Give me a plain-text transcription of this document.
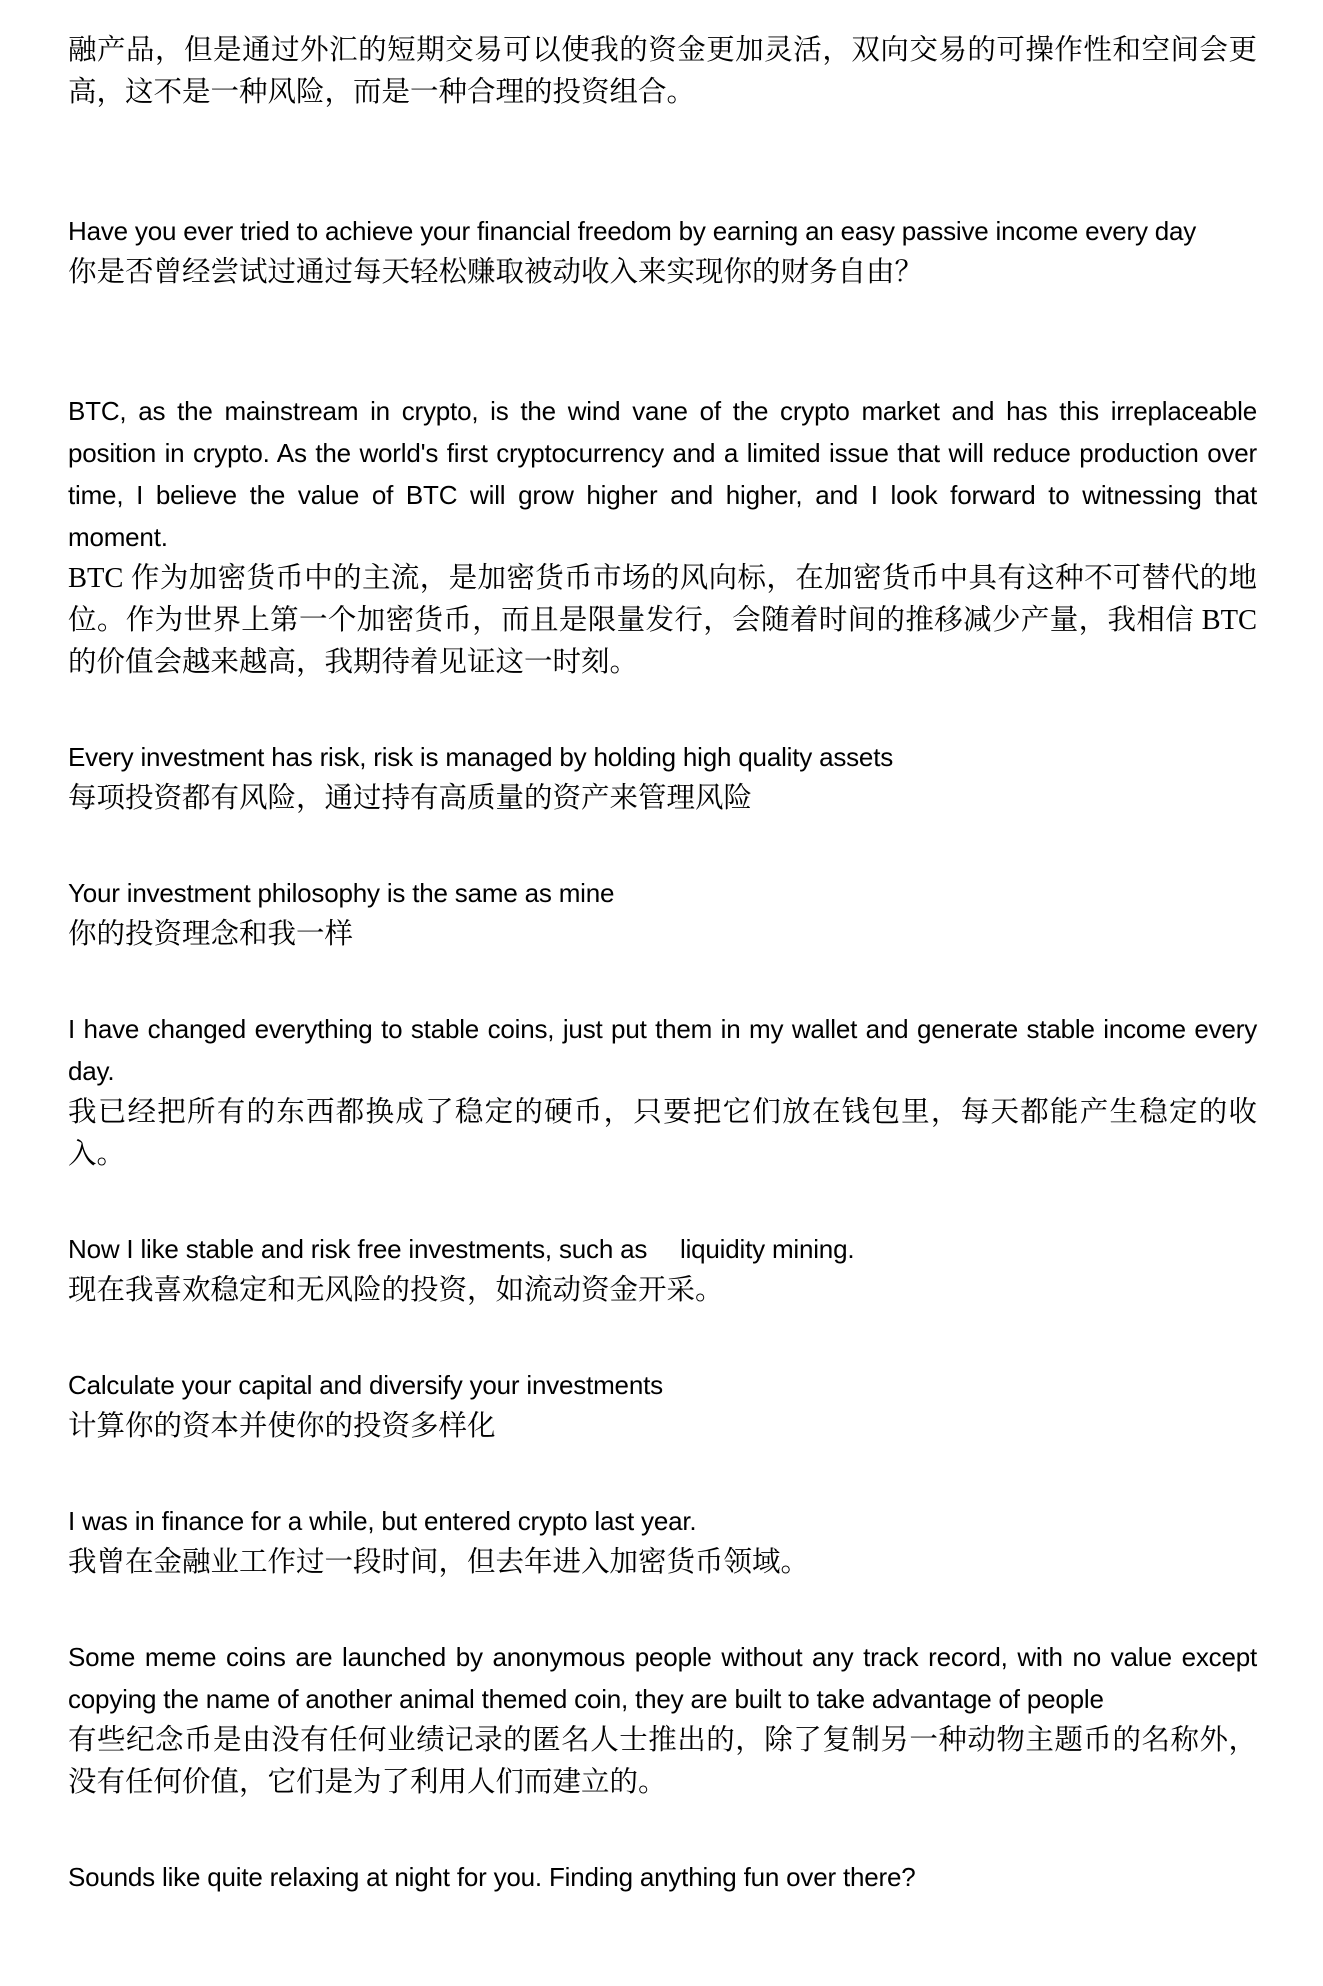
融产品，但是通过外汇的短期交易可以使我的资金更加灵活，双向交易的可操作性和空间会更高，这不是一种风险，而是一种合理的投资组合。

Have you ever tried to achieve your financial freedom by earning an easy passive income every day

你是否曾经尝试过通过每天轻松赚取被动收入来实现你的财务自由？

BTC, as the mainstream in crypto, is the wind vane of the crypto market and has this irreplaceable position in crypto. As the world's first cryptocurrency and a limited issue that will reduce production over time, I believe the value of BTC will grow higher and higher, and I look forward to witnessing that moment.

BTC 作为加密货币中的主流，是加密货币市场的风向标，在加密货币中具有这种不可替代的地位。作为世界上第一个加密货币，而且是限量发行，会随着时间的推移减少产量，我相信 BTC 的价值会越来越高，我期待着见证这一时刻。

Every investment has risk, risk is managed by holding high quality assets

每项投资都有风险，通过持有高质量的资产来管理风险

Your investment philosophy is the same as mine

你的投资理念和我一样

I have changed everything to stable coins, just put them in my wallet and generate stable income every day.

我已经把所有的东西都换成了稳定的硬币，只要把它们放在钱包里，每天都能产生稳定的收入。

Now I like stable and risk free investments, such as  liquidity mining.

现在我喜欢稳定和无风险的投资，如流动资金开采。

Calculate your capital and diversify your investments

计算你的资本并使你的投资多样化

I was in finance for a while, but entered crypto last year.

我曾在金融业工作过一段时间，但去年进入加密货币领域。

Some meme coins are launched by anonymous people without any track record, with no value except copying the name of another animal themed coin, they are built to take advantage of people

有些纪念币是由没有任何业绩记录的匿名人士推出的，除了复制另一种动物主题币的名称外，没有任何价值，它们是为了利用人们而建立的。

Sounds like quite relaxing at night for you. Finding anything fun over there?
